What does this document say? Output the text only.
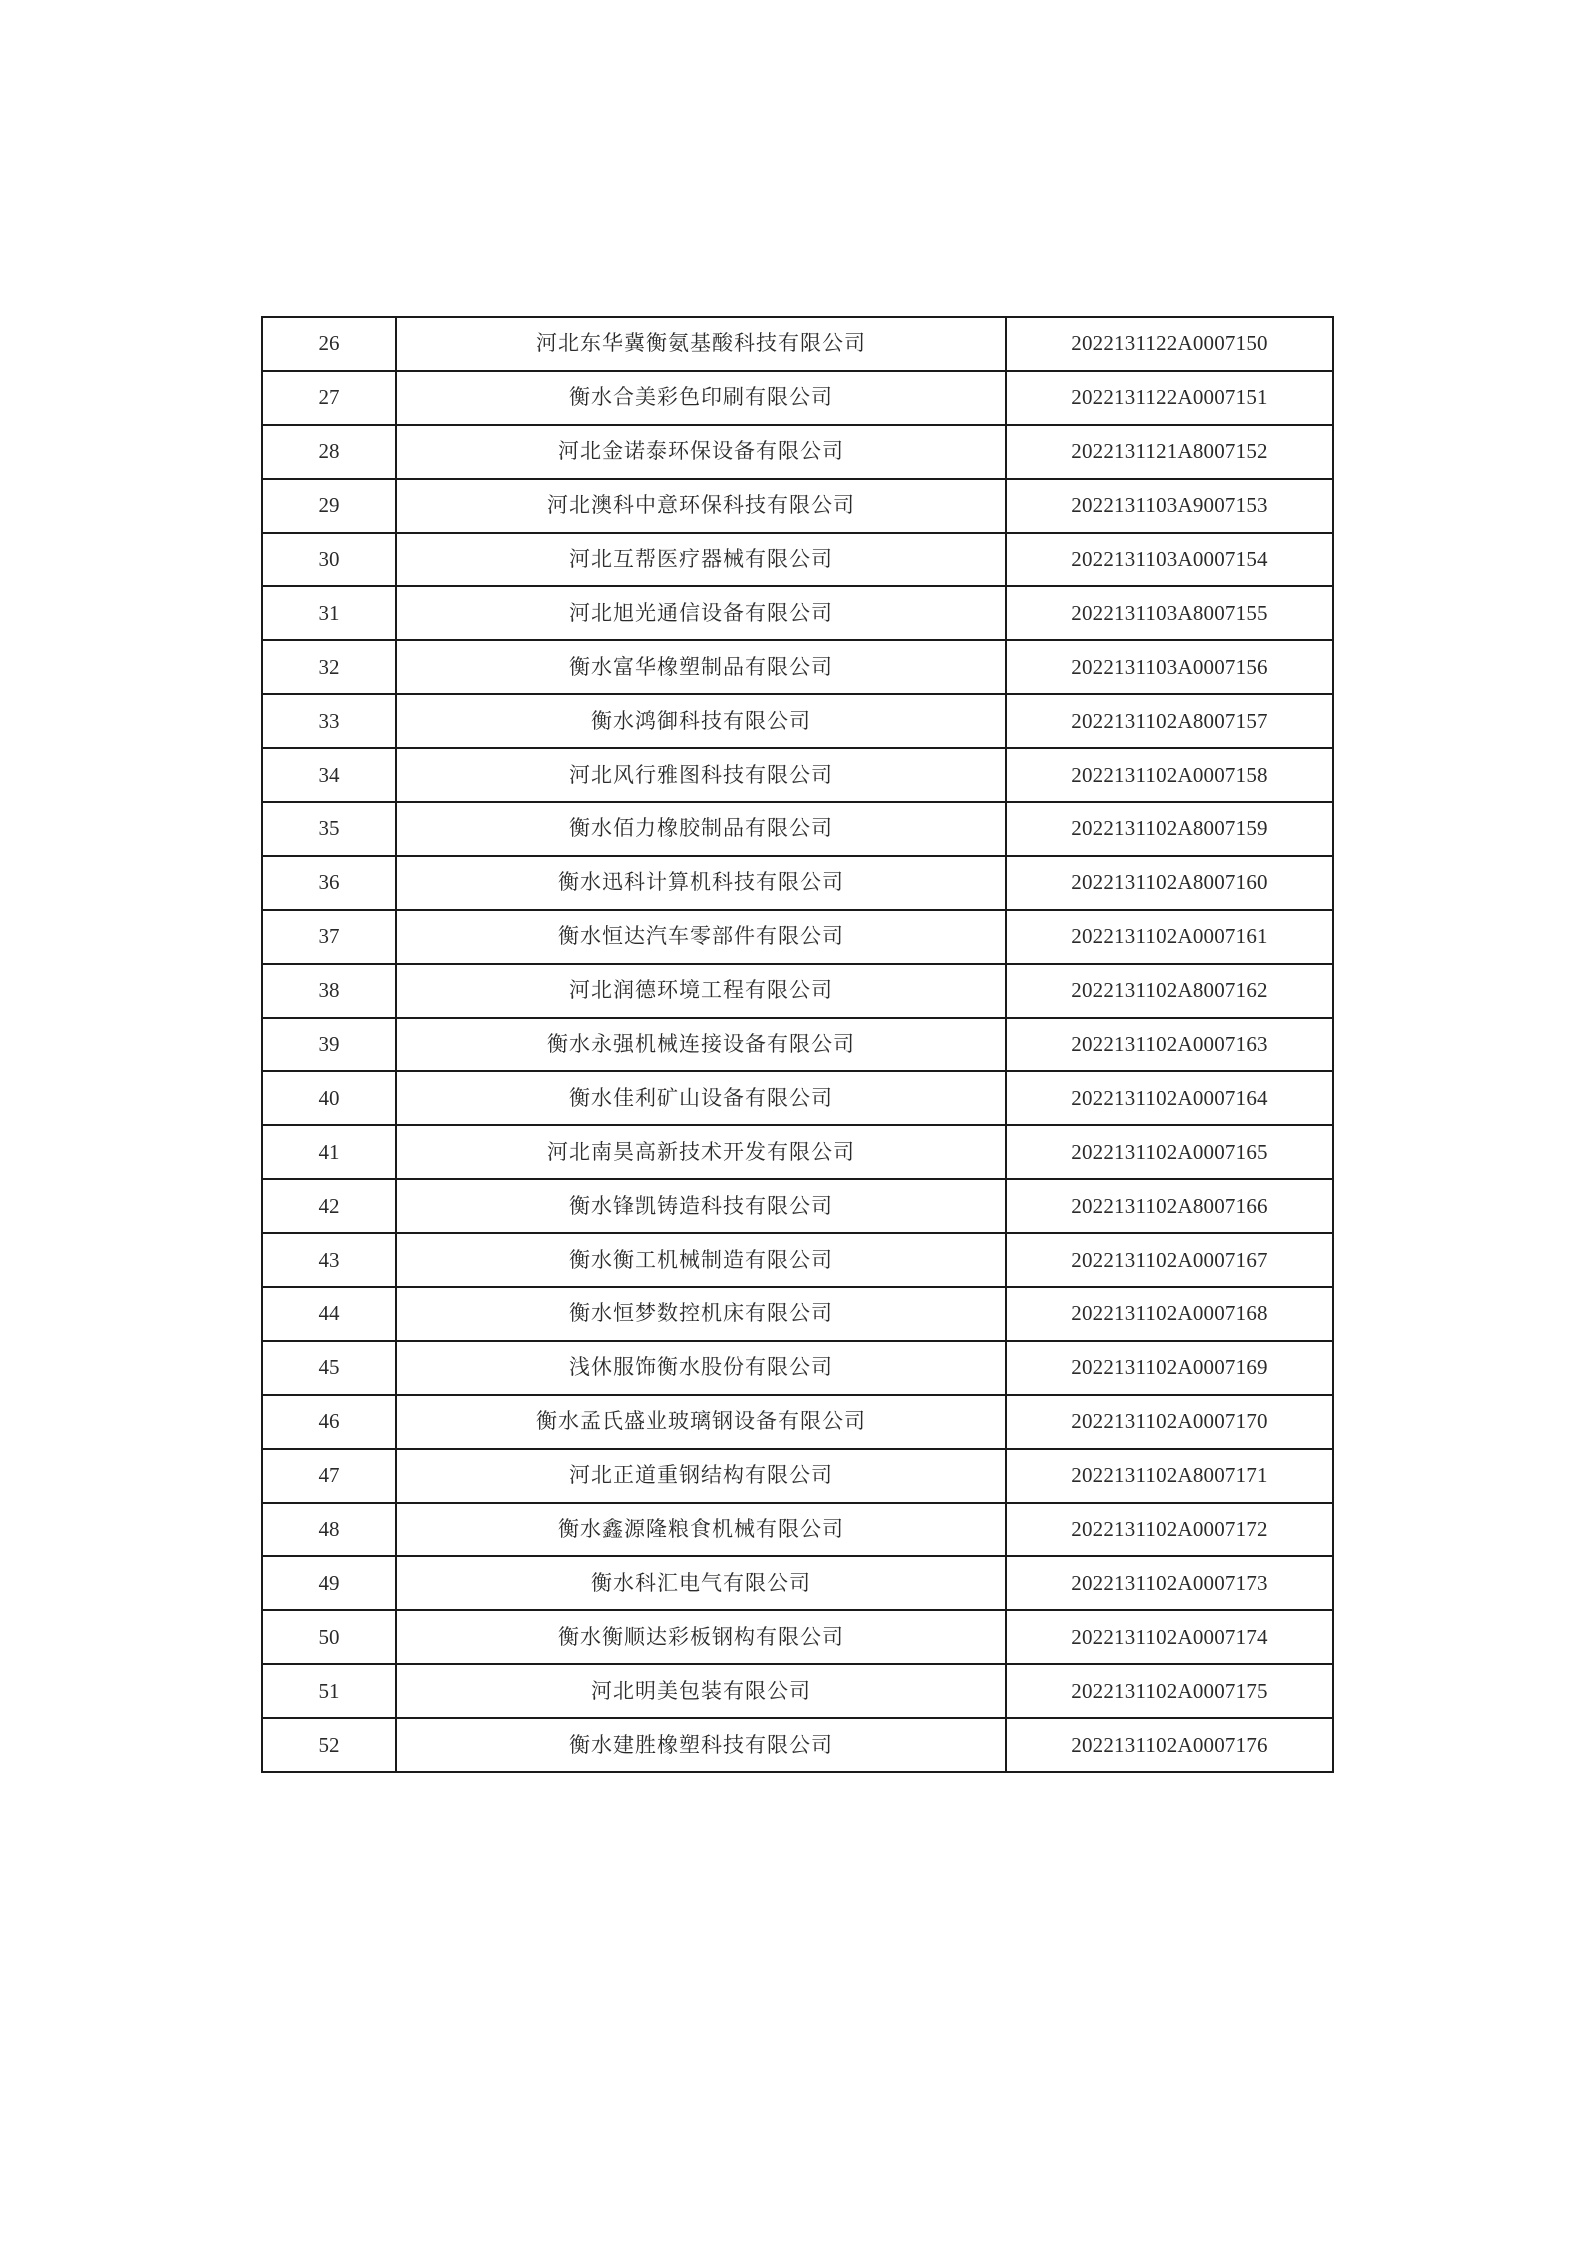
26	河北东华冀衡氨基酸科技有限公司	2022131122A0007150
27	衡水合美彩色印刷有限公司	2022131122A0007151
28	河北金诺泰环保设备有限公司	2022131121A8007152
29	河北澳科中意环保科技有限公司	2022131103A9007153
30	河北互帮医疗器械有限公司	2022131103A0007154
31	河北旭光通信设备有限公司	2022131103A8007155
32	衡水富华橡塑制品有限公司	2022131103A0007156
33	衡水鸿御科技有限公司	2022131102A8007157
34	河北风行雅图科技有限公司	2022131102A0007158
35	衡水佰力橡胶制品有限公司	2022131102A8007159
36	衡水迅科计算机科技有限公司	2022131102A8007160
37	衡水恒达汽车零部件有限公司	2022131102A0007161
38	河北润德环境工程有限公司	2022131102A8007162
39	衡水永强机械连接设备有限公司	2022131102A0007163
40	衡水佳利矿山设备有限公司	2022131102A0007164
41	河北南昊高新技术开发有限公司	2022131102A0007165
42	衡水锋凯铸造科技有限公司	2022131102A8007166
43	衡水衡工机械制造有限公司	2022131102A0007167
44	衡水恒梦数控机床有限公司	2022131102A0007168
45	浅休服饰衡水股份有限公司	2022131102A0007169
46	衡水孟氏盛业玻璃钢设备有限公司	2022131102A0007170
47	河北正道重钢结构有限公司	2022131102A8007171
48	衡水鑫源隆粮食机械有限公司	2022131102A0007172
49	衡水科汇电气有限公司	2022131102A0007173
50	衡水衡顺达彩板钢构有限公司	2022131102A0007174
51	河北明美包装有限公司	2022131102A0007175
52	衡水建胜橡塑科技有限公司	2022131102A0007176
